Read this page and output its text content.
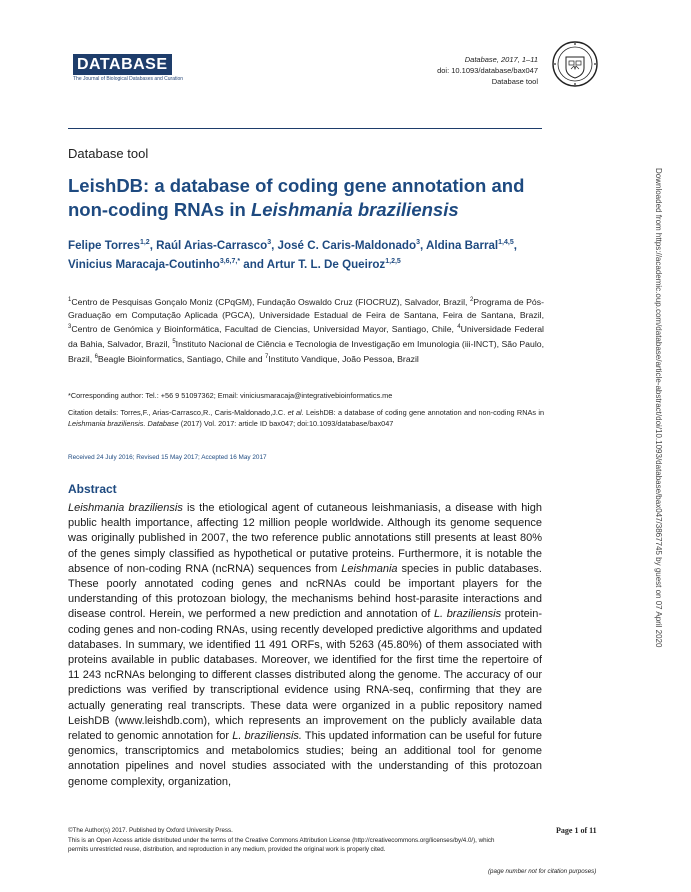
DATABASE
The Journal of Biological Databases and Curation
Database, 2017, 1–11
doi: 10.1093/database/bax047
Database tool
Database tool
LeishDB: a database of coding gene annotation and non-coding RNAs in Leishmania braziliensis
Felipe Torres$^{1,2}$, Raúl Arias-Carrasco$^3$, José C. Caris-Maldonado$^3$, Aldina Barral$^{1,4,5}$, Vinicius Maracaja-Coutinho$^{3,6,7,*}$ and Artur T. L. De Queiroz$^{1,2,5}$
$^1$Centro de Pesquisas Gonçalo Moniz (CPqGM), Fundação Oswaldo Cruz (FIOCRUZ), Salvador, Brazil, $^2$Programa de Pós-Graduação em Computação Aplicada (PGCA), Universidade Estadual de Feira de Santana, Feira de Santana, Brazil, $^3$Centro de Genómica y Bioinformática, Facultad de Ciencias, Universidad Mayor, Santiago, Chile, $^4$Universidade Federal da Bahia, Salvador, Brazil, $^5$Instituto Nacional de Ciência e Tecnologia de Investigação em Imunologia (iii-INCT), São Paulo, Brazil, $^6$Beagle Bioinformatics, Santiago, Chile and $^7$Instituto Vandique, João Pessoa, Brazil
*Corresponding author: Tel.: +56 9 51097362; Email: viniciusmaracaja@integrativebioinformatics.me
Citation details: Torres,F., Arias-Carrasco,R., Caris-Maldonado,J.C. et al. LeishDB: a database of coding gene annotation and non-coding RNAs in Leishmania braziliensis. Database (2017) Vol. 2017: article ID bax047; doi:10.1093/database/bax047
Received 24 July 2016; Revised 15 May 2017; Accepted 16 May 2017
Abstract
Leishmania braziliensis is the etiological agent of cutaneous leishmaniasis, a disease with high public health importance, affecting 12 million people worldwide. Although its genome sequence was originally published in 2007, the two reference public annotations still presents at least 80% of the genes simply classified as hypothetical or putative proteins. Furthermore, it is notable the absence of non-coding RNA (ncRNA) sequences from Leishmania species in public databases. These poorly annotated coding genes and ncRNAs could be important players for the understanding of this protozoan biology, the mechanisms behind host-parasite interactions and disease control. Herein, we performed a new prediction and annotation of L. braziliensis protein-coding genes and non-coding RNAs, using recently developed predictive algorithms and updated databases. In summary, we identified 11 491 ORFs, with 5263 (45.80%) of them associated with proteins available in public databases. Moreover, we identified for the first time the repertoire of 11 243 ncRNAs belonging to different classes distributed along the genome. The accuracy of our predictions was verified by transcriptional evidence using RNA-seq, confirming that they are actually generating real transcripts. These data were organized in a public repository named LeishDB (www.leishdb.com), which represents an improvement on the publicly available data related to genomic annotation for L. braziliensis. This updated information can be useful for future genomics, transcriptomics and metabolomics studies; being an additional tool for genome annotation pipelines and novel studies associated with the understanding of this protozoan genome complexity, organization,
©The Author(s) 2017. Published by Oxford University Press.
This is an Open Access article distributed under the terms of the Creative Commons Attribution License (http://creativecommons.org/licenses/by/4.0/), which permits unrestricted reuse, distribution, and reproduction in any medium, provided the original work is properly cited.
Page 1 of 11
(page number not for citation purposes)
Downloaded from https://academic.oup.com/database/article-abstract/doi/10.1093/database/bax047/3867745 by guest on 07 April 2020
